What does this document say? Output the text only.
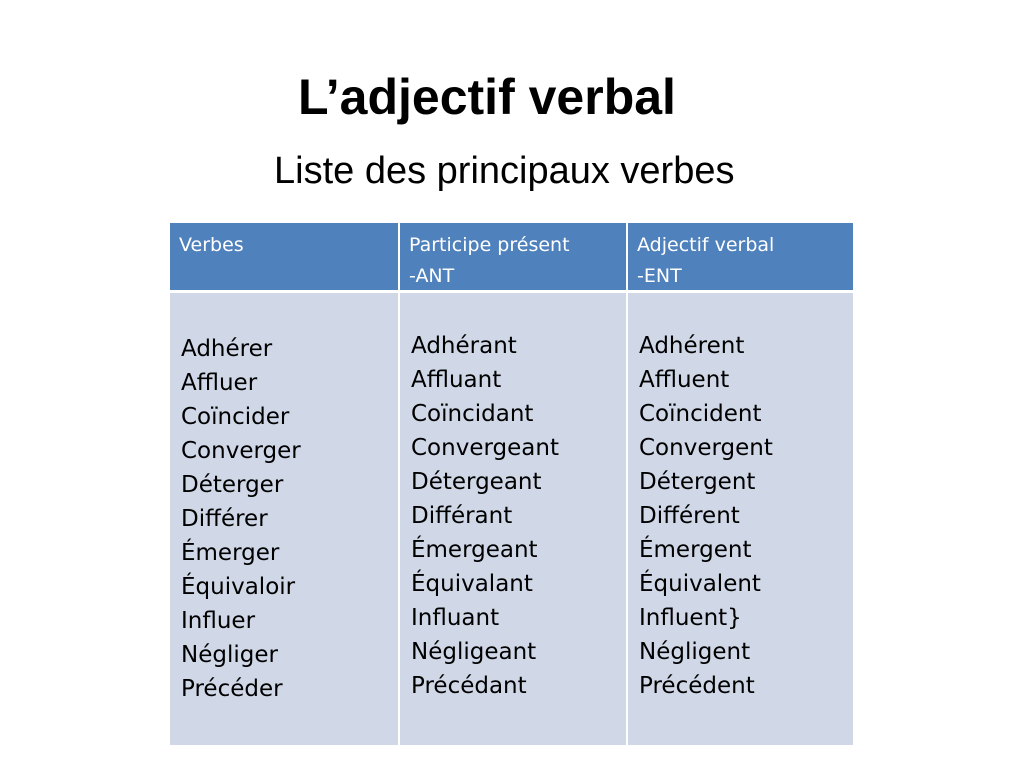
L’adjectif verbal
Liste des principaux verbes
Verbes	Participe présent
-ANT
Adjectif verbal
-ENT
Adhérer
Affluer
Coïncider
Converger
Déterger
Différer
Émerger
Équivaloir
Influer
Négliger
Précéder
Adhérant
Affluant
Coïncidant
Convergeant
Détergeant
Différant
Émergeant
Équivalant
Influant
Négligeant
Précédant
Adhérent
Affluent
Coïncident
Convergent
Détergent
Différent
Émergent
Équivalent
Influent}
Négligent
Précédent
